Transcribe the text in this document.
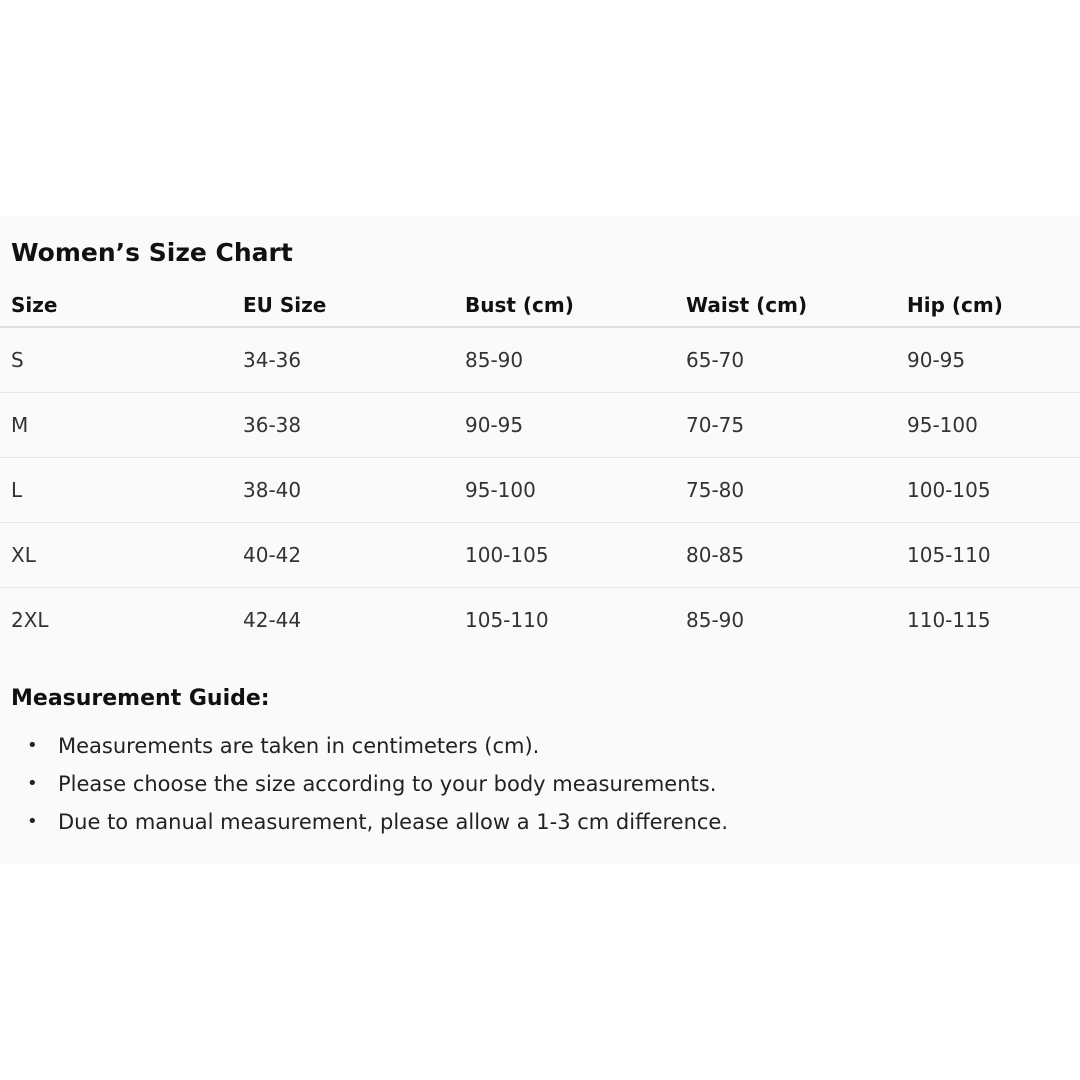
Women’s Size Chart
Size	EU Size	Bust (cm)	Waist (cm)	Hip (cm)
S	34-36	85-90	65-70	90-95
M	36-38	90-95	70-75	95-100
L	38-40	95-100	75-80	100-105
XL	40-42	100-105	80-85	105-110
2XL	42-44	105-110	85-90	110-115
Measurement Guide:
• Measurements are taken in centimeters (cm).
• Please choose the size according to your body measurements.
• Due to manual measurement, please allow a 1-3 cm difference.
